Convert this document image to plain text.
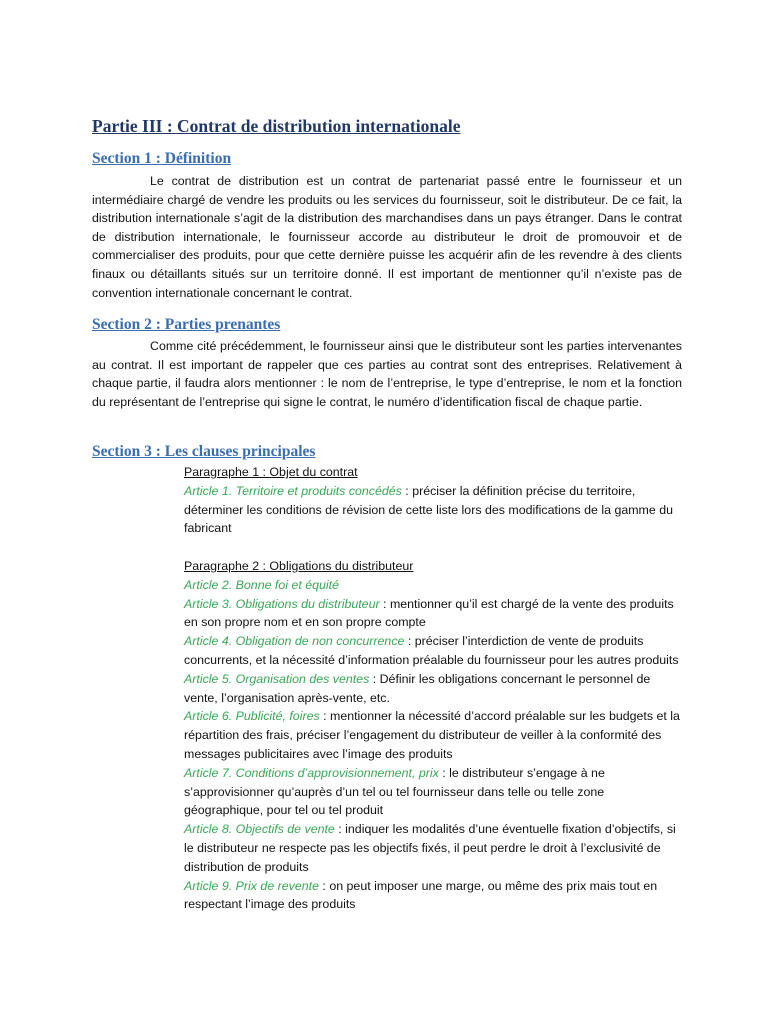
Partie III : Contrat de distribution internationale
Section 1 : Définition

Le contrat de distribution est un contrat de partenariat passé entre le fournisseur et un intermédiaire chargé de vendre les produits ou les services du fournisseur, soit le distributeur. De ce fait, la distribution internationale s’agit de la distribution des marchandises dans un pays étranger. Dans le contrat de distribution internationale, le fournisseur accorde au distributeur le droit de promouvoir et de commercialiser des produits, pour que cette dernière puisse les acquérir afin de les revendre à des clients finaux ou détaillants situés sur un territoire donné. Il est important de mentionner qu’il n’existe pas de convention internationale concernant le contrat.

Section 2 : Parties prenantes

Comme cité précédemment, le fournisseur ainsi que le distributeur sont les parties intervenantes au contrat. Il est important de rappeler que ces parties au contrat sont des entreprises. Relativement à chaque partie, il faudra alors mentionner : le nom de l’entreprise, le type d’entreprise, le nom et la fonction du représentant de l’entreprise qui signe le contrat, le numéro d’identification fiscal de chaque partie.

Section 3 : Les clauses principales

Paragraphe 1 : Objet du contrat

Article 1. Territoire et produits concédés : préciser la définition précise du territoire, déterminer les conditions de révision de cette liste lors des modifications de la gamme du fabricant

Paragraphe 2 : Obligations du distributeur

Article 2. Bonne foi et équité

Article 3. Obligations du distributeur : mentionner qu’il est chargé de la vente des produits en son propre nom et en son propre compte

Article 4. Obligation de non concurrence : préciser l’interdiction de vente de produits concurrents, et la nécessité d’information préalable du fournisseur pour les autres produits

Article 5. Organisation des ventes : Définir les obligations concernant le personnel de vente, l’organisation après-vente, etc.

Article 6. Publicité, foires : mentionner la nécessité d’accord préalable sur les budgets et la répartition des frais, préciser l’engagement du distributeur de veiller à la conformité des messages publicitaires avec l’image des produits

Article 7. Conditions d’approvisionnement, prix : le distributeur s’engage à ne s’approvisionner qu’auprès d’un tel ou tel fournisseur dans telle ou telle zone géographique, pour tel ou tel produit

Article 8. Objectifs de vente : indiquer les modalités d’une éventuelle fixation d’objectifs, si le distributeur ne respecte pas les objectifs fixés, il peut perdre le droit à l’exclusivité de distribution de produits

Article 9. Prix de revente : on peut imposer une marge, ou même des prix mais tout en respectant l’image des produits
